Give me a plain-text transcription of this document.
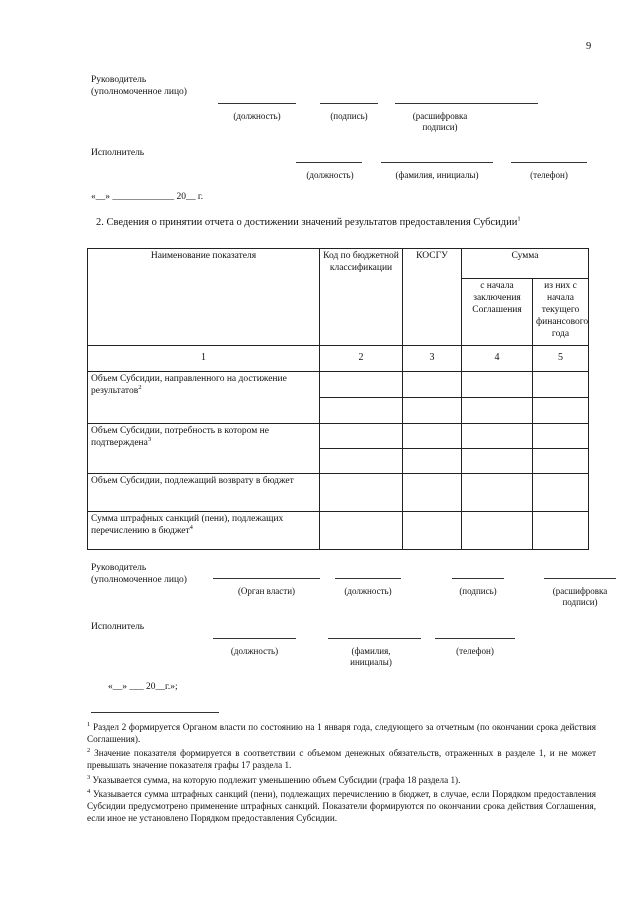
9
Руководитель
(уполномоченное лицо)
(должность)	(подпись)	(расшифровка подписи)
Исполнитель
(должность)	(фамилия, инициалы)	(телефон)
«__» _____________ 20__ г.
2. Сведения о принятии отчета о достижении значений результатов предоставления Субсидии$^1$
Наименование показателя	Код по бюджетной классификации	КОСГУ	Сумма	
			с начала заключения Соглашения	из них с начала текущего финансового года
1	2	3	4	5
Объем Субсидии, направленного на достижение результатов$^2$				

Объем Субсидии, потребность в котором не подтверждена$^3$				

Объем Субсидии, подлежащий возврату в бюджет				
Сумма штрафных санкций (пени), подлежащих перечислению в бюджет$^4$				
Руководитель
(уполномоченное лицо)
(Орган власти)	(должность)	(подпись)	(расшифровка подписи)
Исполнитель
(должность)	(фамилия, инициалы)
(телефон)
«__» ___ 20__г.»;
$^1$ Раздел 2 формируется Органом власти по состоянию на 1 января года, следующего за отчетным (по окончании срока действия Соглашения).
$^2$ Значение показателя формируется в соответствии с объемом денежных обязательств, отраженных в разделе 1, и не может превышать значение показателя графы 17 раздела 1.
$^3$ Указывается сумма, на которую подлежит уменьшению объем Субсидии (графа 18 раздела 1).
$^4$ Указывается сумма штрафных санкций (пени), подлежащих перечислению в бюджет, в случае, если Порядком предоставления Субсидии предусмотрено применение штрафных санкций. Показатели формируются по окончании срока действия Соглашения, если иное не установлено Порядком предоставления Субсидии.
